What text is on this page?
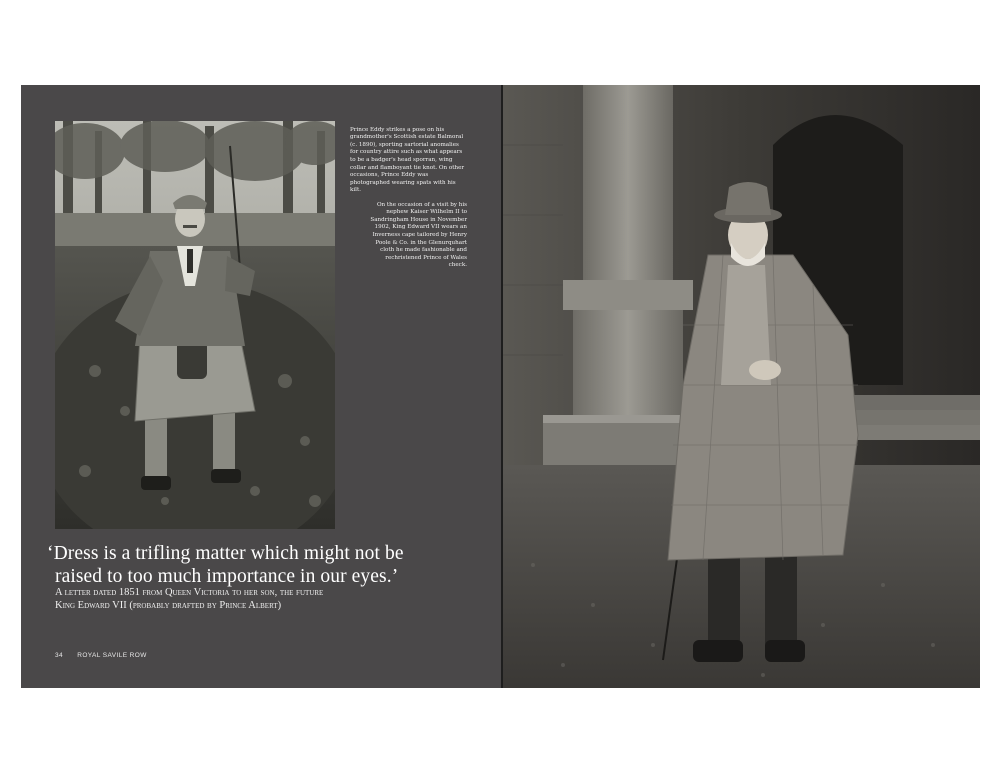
Prince Eddy strikes a pose on his grandmother's Scottish estate Balmoral (c. 1890), sporting sartorial anomalies for country attire such as what appears to be a badger's head sporran, wing collar and flamboyant tie knot. On other occasions, Prince Eddy was photographed wearing spats with his kilt.

On the occasion of a visit by his nephew Kaiser Wilhelm II to Sandringham House in November 1902, King Edward VII wears an Inverness cape tailored by Henry Poole & Co. in the Glenurquhart cloth he made fashionable and rechristened Prince of Wales check.

‘Dress is a trifling matter which might not be
raised to too much importance in our eyes.’
A letter dated 1851 from Queen Victoria to her son, the future
King Edward VII (probably drafted by Prince Albert)
34 ROYAL SAVILE ROW
